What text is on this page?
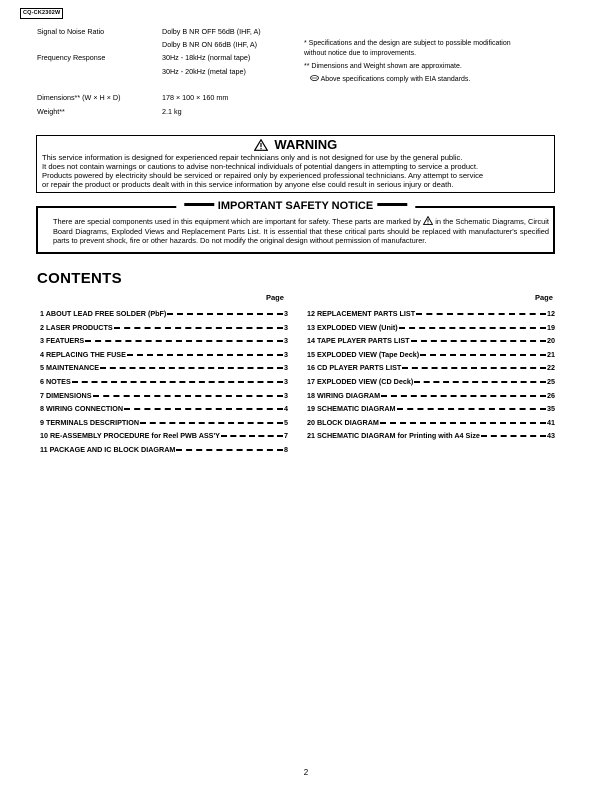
CQ-CK2302W
Signal to Noise Ratio	Dolby B NR OFF 56dB (IHF, A)
Dolby B NR ON 66dB (IHF, A)
Frequency Response	30Hz - 18kHz (normal tape)
30Hz - 20kHz (metal tape)
Dimensions** (W × H × D)	178 × 100 × 160 mm
Weight**	2.1 kg
* Specifications and the design are subject to possible modification
without notice due to improvements.
** Dimensions and Weight shown are approximate.
Above specifications comply with EIA standards.
WARNING
This service information is designed for experienced repair technicians only and is not designed for use by the general public.
It does not contain warnings or cautions to advise non-technical individuals of potential dangers in attempting to service a product.
Products powered by electricity should be serviced or repaired only by experienced professional technicians. Any attempt to service
or repair the product or products dealt with in this service information by anyone else could result in serious injury or death.
IMPORTANT SAFETY NOTICE
There are special components used in this equipment which are important for safety. These parts are marked by in the Schematic Diagrams, Circuit Board Diagrams, Exploded Views and Replacement Parts List. It is essential that these critical parts should be replaced with manufacturer's specified parts to prevent shock, fire or other hazards. Do not modify the original design without permission of manufacturer.
CONTENTS
Page	Page
1 ABOUT LEAD FREE SOLDER (PbF)	3
2 LASER PRODUCTS	3
3 FEATUERS	3
4 REPLACING THE FUSE	3
5 MAINTENANCE	3
6 NOTES	3
7 DIMENSIONS	3
8 WIRING CONNECTION	4
9 TERMINALS DESCRIPTION	5
10 RE-ASSEMBLY PROCEDURE for Reel PWB ASS'Y	7
11 PACKAGE AND IC BLOCK DIAGRAM	8
12 REPLACEMENT PARTS LIST	12
13 EXPLODED VIEW (Unit)	19
14 TAPE PLAYER PARTS LIST	20
15 EXPLODED VIEW (Tape Deck)	21
16 CD PLAYER PARTS LIST	22
17 EXPLODED VIEW (CD Deck)	25
18 WIRING DIAGRAM	26
19 SCHEMATIC DIAGRAM	35
20 BLOCK DIAGRAM	41
21 SCHEMATIC DIAGRAM for Printing with A4 Size	43
2
